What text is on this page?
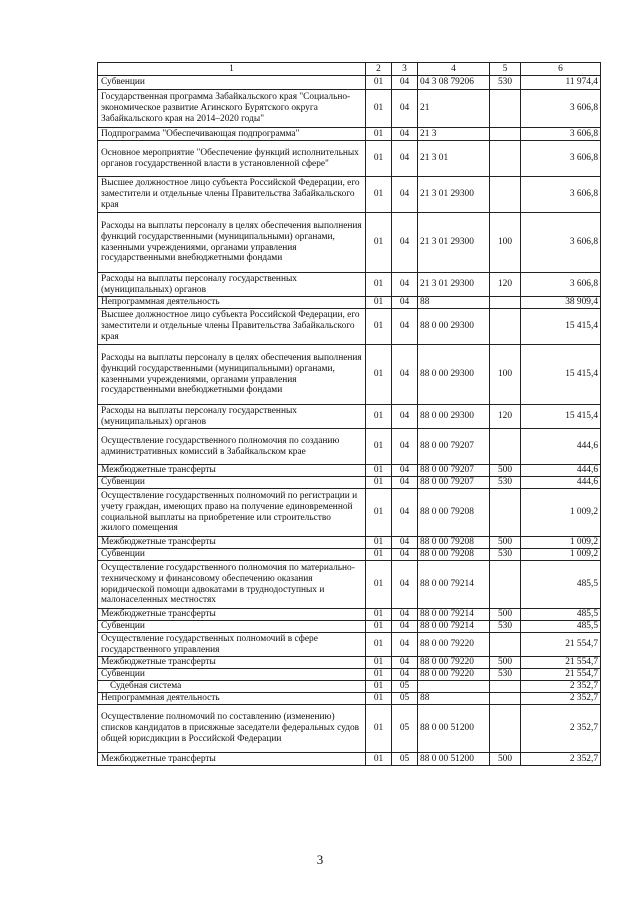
1	2	3	4	5	6
Субвенции	01	04	04 3 08 79206	530	11 974,4
Государственная программа Забайкальского края "Социально-экономическое развитие Агинского Бурятского округа Забайкальского края на 2014–2020 годы"	01	04	21		3 606,8
Подпрограмма "Обеспечивающая подпрограмма"	01	04	21 3		3 606,8
Основное мероприятие "Обеспечение функций исполнительных органов государственной власти в установленной сфере"	01	04	21 3 01		3 606,8
Высшее должностное лицо субъекта Российской Федерации, его заместители и отдельные члены Правительства Забайкальского края	01	04	21 3 01 29300		3 606,8
Расходы на выплаты персоналу в целях обеспечения выполнения функций государственными (муниципальными) органами, казенными учреждениями, органами управления государственными внебюджетными фондами	01	04	21 3 01 29300	100	3 606,8
Расходы на выплаты персоналу государственных (муниципальных) органов	01	04	21 3 01 29300	120	3 606,8
Непрограммная деятельность	01	04	88		38 909,4
Высшее должностное лицо субъекта Российской Федерации, его заместители и отдельные члены Правительства Забайкальского края	01	04	88 0 00 29300		15 415,4
Расходы на выплаты персоналу в целях обеспечения выполнения функций государственными (муниципальными) органами, казенными учреждениями, органами управления государственными внебюджетными фондами	01	04	88 0 00 29300	100	15 415,4
Расходы на выплаты персоналу государственных (муниципальных) органов	01	04	88 0 00 29300	120	15 415,4
Осуществление государственного полномочия по созданию административных комиссий в Забайкальском крае	01	04	88 0 00 79207		444,6
Межбюджетные трансферты	01	04	88 0 00 79207	500	444,6
Субвенции	01	04	88 0 00 79207	530	444,6
Осуществление государственных полномочий по регистрации и учету граждан, имеющих право на получение единовременной социальной выплаты на приобретение или строительство жилого помещения	01	04	88 0 00 79208		1 009,2
Межбюджетные трансферты	01	04	88 0 00 79208	500	1 009,2
Субвенции	01	04	88 0 00 79208	530	1 009,2
Осуществление государственного полномочия по материально-техническому и финансовому обеспечению оказания юридической помощи адвокатами в труднодоступных и малонаселенных местностях	01	04	88 0 00 79214		485,5
Межбюджетные трансферты	01	04	88 0 00 79214	500	485,5
Субвенции	01	04	88 0 00 79214	530	485,5
Осуществление государственных полномочий в сфере государственного управления	01	04	88 0 00 79220		21 554,7
Межбюджетные трансферты	01	04	88 0 00 79220	500	21 554,7
Субвенции	01	04	88 0 00 79220	530	21 554,7
Судебная система	01	05			2 352,7
Непрограммная деятельность	01	05	88		2 352,7
Осуществление полномочий по составлению (изменению) списков кандидатов в присяжные заседатели федеральных судов общей юрисдикции в Российской Федерации	01	05	88 0 00 51200		2 352,7
Межбюджетные трансферты	01	05	88 0 00 51200	500	2 352,7
3
